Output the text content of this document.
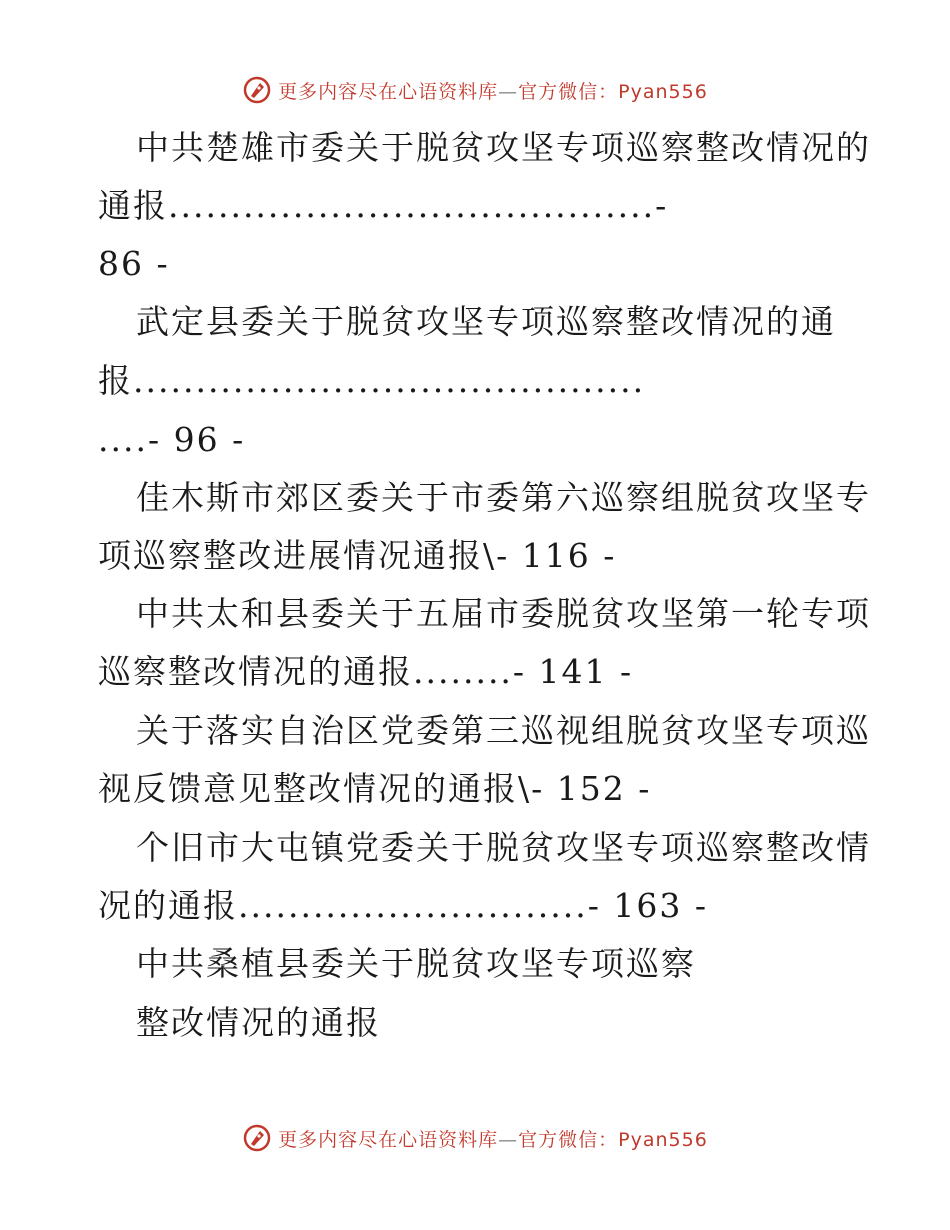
更多内容尽在心语资料库—官方微信：Pyan556
中共楚雄市委关于脱贫攻坚专项巡察整改情况的
通报.......................................-
86 -
武定县委关于脱贫攻坚专项巡察整改情况的通
报.........................................
....- 96 -
佳木斯市郊区委关于市委第六巡察组脱贫攻坚专
项巡察整改进展情况通报\- 116 -
中共太和县委关于五届市委脱贫攻坚第一轮专项
巡察整改情况的通报........- 141 -
关于落实自治区党委第三巡视组脱贫攻坚专项巡
视反馈意见整改情况的通报\- 152 -
个旧市大屯镇党委关于脱贫攻坚专项巡察整改情
况的通报............................- 163 -
中共桑植县委关于脱贫攻坚专项巡察
整改情况的通报
更多内容尽在心语资料库—官方微信：Pyan556
